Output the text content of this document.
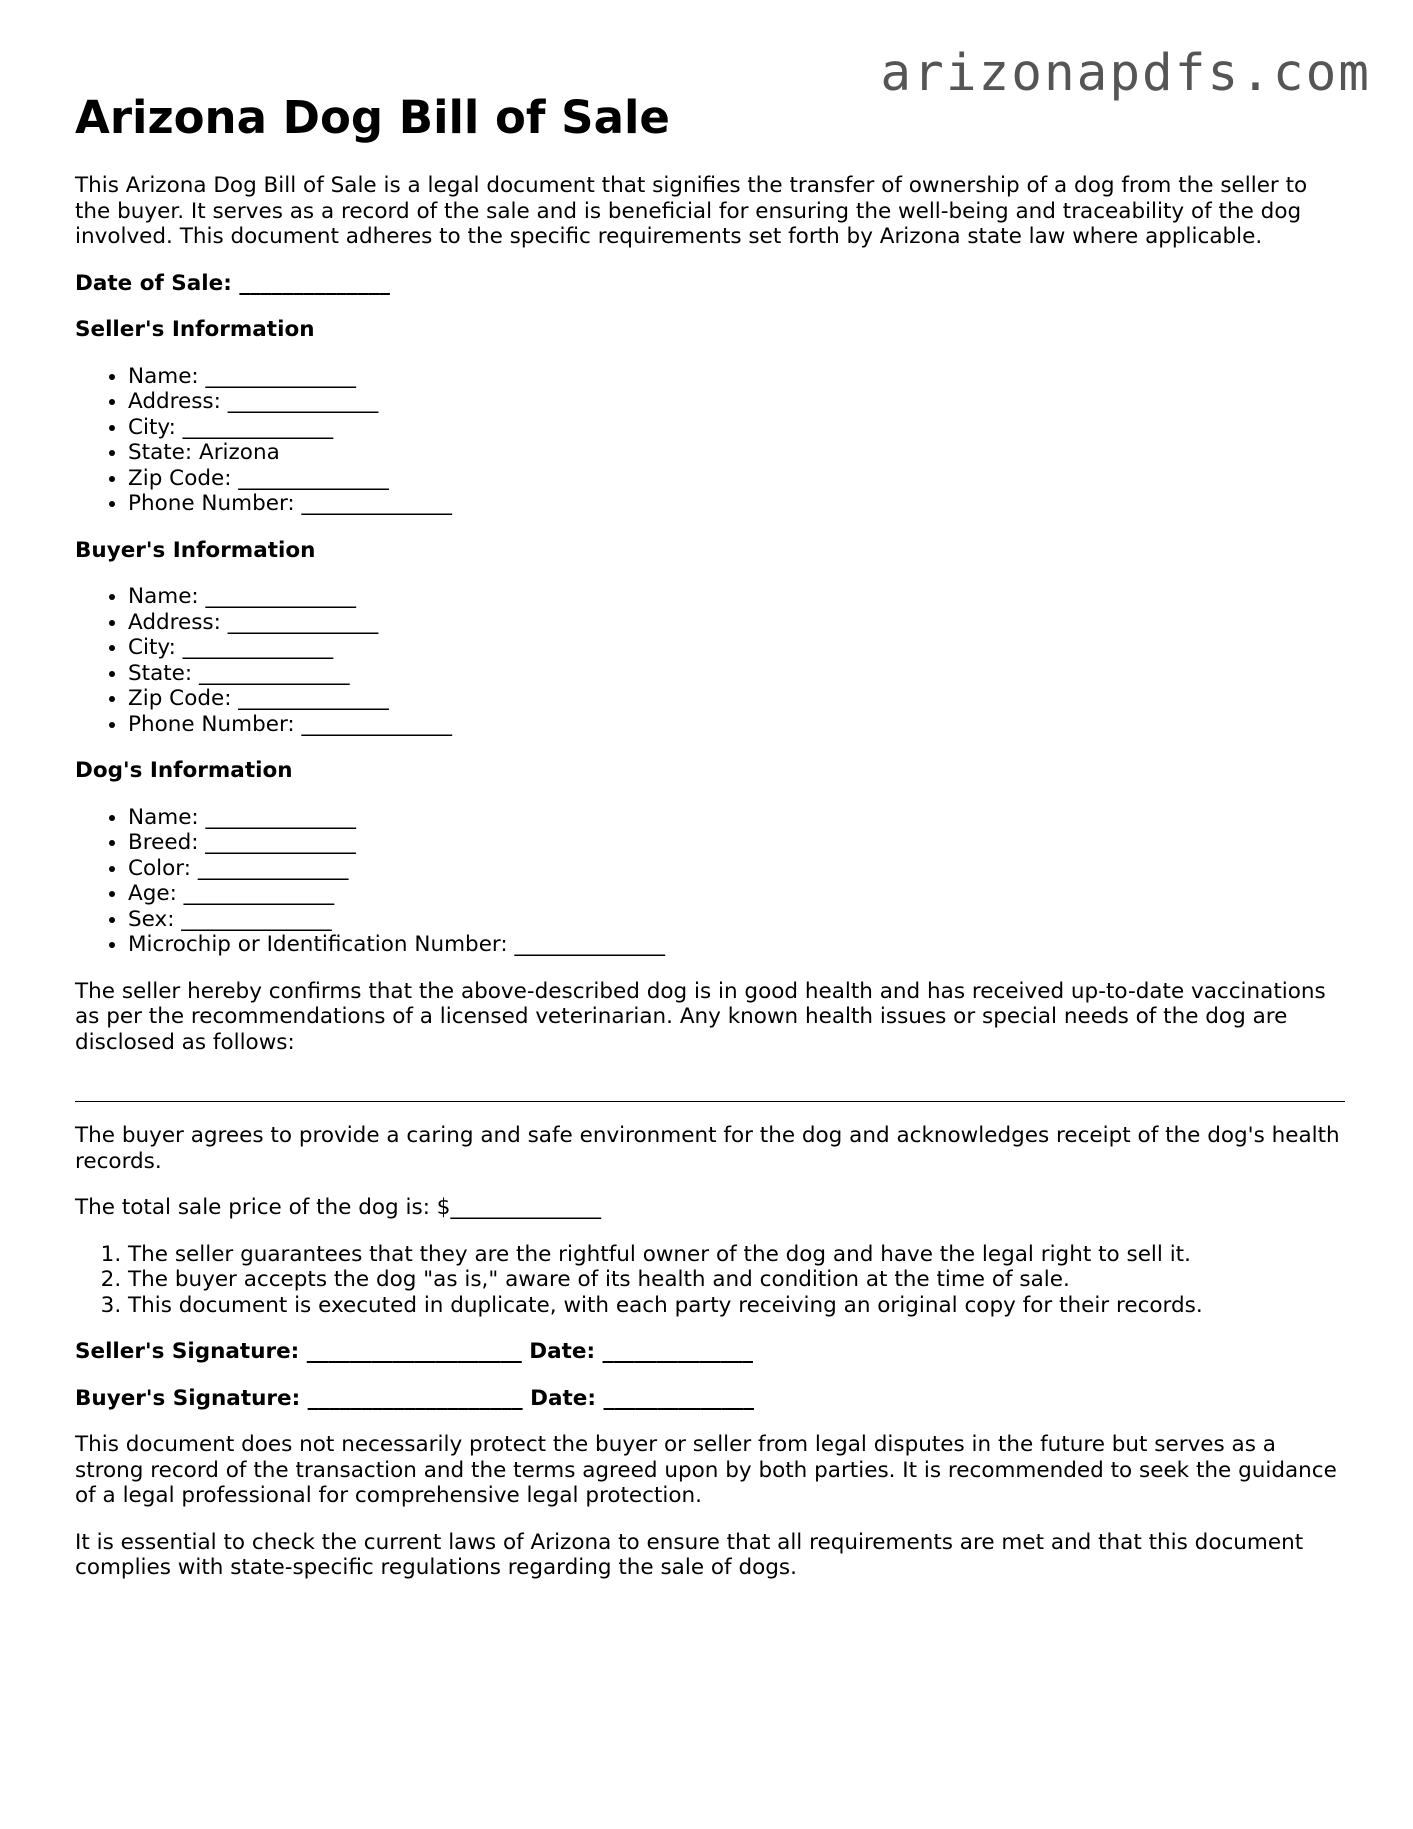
arizonapdfs.com
Arizona Dog Bill of Sale

This Arizona Dog Bill of Sale is a legal document that signifies the transfer of ownership of a dog from the seller to the buyer. It serves as a record of the sale and is beneficial for ensuring the well-being and traceability of the dog involved. This document adheres to the specific requirements set forth by Arizona state law where applicable.

Date of Sale: ______________

Seller's Information

• Name: ______________
• Address: ______________
• City: ______________
• State: Arizona
• Zip Code: ______________
• Phone Number: ______________

Buyer's Information

• Name: ______________
• Address: ______________
• City: ______________
• State: ______________
• Zip Code: ______________
• Phone Number: ______________

Dog's Information

• Name: ______________
• Breed: ______________
• Color: ______________
• Age: ______________
• Sex: ______________
• Microchip or Identification Number: ______________

The seller hereby confirms that the above-described dog is in good health and has received up-to-date vaccinations as per the recommendations of a licensed veterinarian. Any known health issues or special needs of the dog are disclosed as follows:

The buyer agrees to provide a caring and safe environment for the dog and acknowledges receipt of the dog's health records.

The total sale price of the dog is: $______________

1. The seller guarantees that they are the rightful owner of the dog and have the legal right to sell it.
2. The buyer accepts the dog "as is," aware of its health and condition at the time of sale.
3. This document is executed in duplicate, with each party receiving an original copy for their records.

Seller's Signature: ____________________ Date: ______________

Buyer's Signature: ____________________ Date: ______________

This document does not necessarily protect the buyer or seller from legal disputes in the future but serves as a strong record of the transaction and the terms agreed upon by both parties. It is recommended to seek the guidance of a legal professional for comprehensive legal protection.

It is essential to check the current laws of Arizona to ensure that all requirements are met and that this document complies with state-specific regulations regarding the sale of dogs.
